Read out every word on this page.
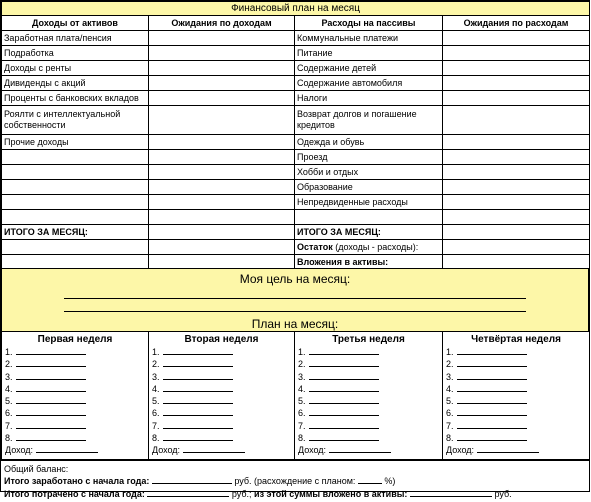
Финансовый план на месяц			
Доходы от активов	Ожидания по доходам	Расходы на пассивы	Ожидания по расходам
Заработная плата/пенсия		Коммунальные платежи	
Подработка		Питание	
Доходы с ренты		Содержание детей	
Дивиденды с акций		Содержание автомобиля	
Проценты с банковских вкладов		Налоги	
Роялти с интеллектуальной собственности		Возврат долгов и погашение кредитов	
Прочие доходы		Одежда и обувь	
		Проезд	
		Хобби и отдых	
		Образование	
		Непредвиденные расходы	

ИТОГО ЗА МЕСЯЦ:		ИТОГО ЗА МЕСЯЦ:	
		Остаток (доходы - расходы):	
		Вложения в активы:	
Моя цель на месяц:
План на месяц:
Первая неделя
1.
2.
3.
4.
5.
6.
7.
8.
Доход:

Вторая неделя
1.
2.
3.
4.
5.
6.
7.
8.
Доход:

Третья неделя
1.
2.
3.
4.
5.
6.
7.
8.
Доход:

Четвёртая неделя
1.
2.
3.
4.
5.
6.
7.
8.
Доход:
Общий баланс:
Итого заработано с начала года:	руб. (расхождение с планом:	%)
Итого потрачено с начала года:	руб.; из этой суммы вложено в активы:	руб.
